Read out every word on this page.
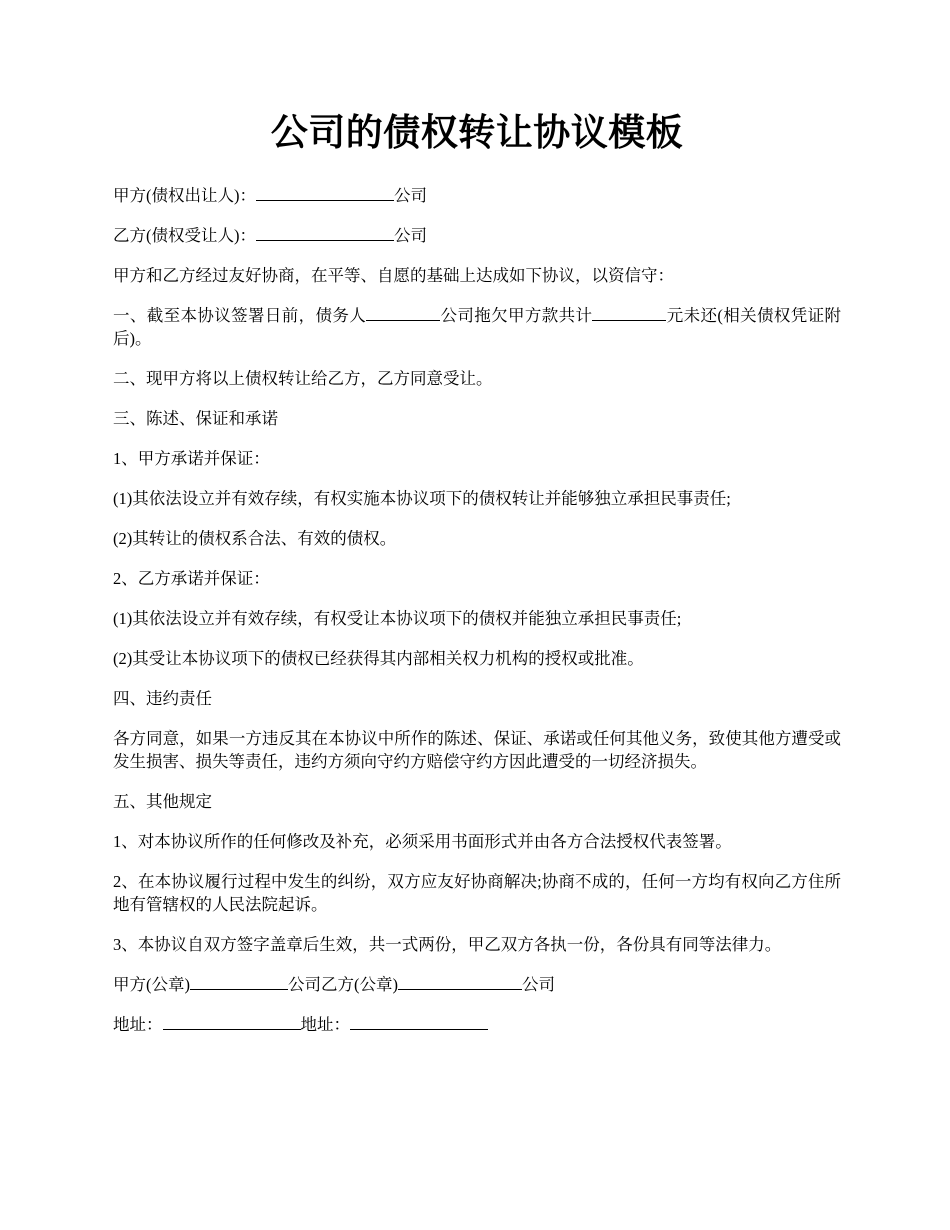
公司的债权转让协议模板

甲方(债权出让人)：	公司

乙方(债权受让人)：	公司

甲方和乙方经过友好协商，在平等、自愿的基础上达成如下协议，以资信守：

一、截至本协议签署日前，债务人	公司拖欠甲方款共计	元未还(相关债权凭证附后)。

二、现甲方将以上债权转让给乙方，乙方同意受让。

三、陈述、保证和承诺

1、甲方承诺并保证：

(1)其依法设立并有效存续，有权实施本协议项下的债权转让并能够独立承担民事责任;

(2)其转让的债权系合法、有效的债权。

2、乙方承诺并保证：

(1)其依法设立并有效存续，有权受让本协议项下的债权并能独立承担民事责任;

(2)其受让本协议项下的债权已经获得其内部相关权力机构的授权或批准。

四、违约责任

各方同意，如果一方违反其在本协议中所作的陈述、保证、承诺或任何其他义务，致使其他方遭受或发生损害、损失等责任，违约方须向守约方赔偿守约方因此遭受的一切经济损失。

五、其他规定

1、对本协议所作的任何修改及补充，必须采用书面形式并由各方合法授权代表签署。

2、在本协议履行过程中发生的纠纷，双方应友好协商解决;协商不成的，任何一方均有权向乙方住所地有管辖权的人民法院起诉。

3、本协议自双方签字盖章后生效，共一式两份，甲乙双方各执一份，各份具有同等法律力。

甲方(公章)	公司乙方(公章)	公司

地址：	地址：
